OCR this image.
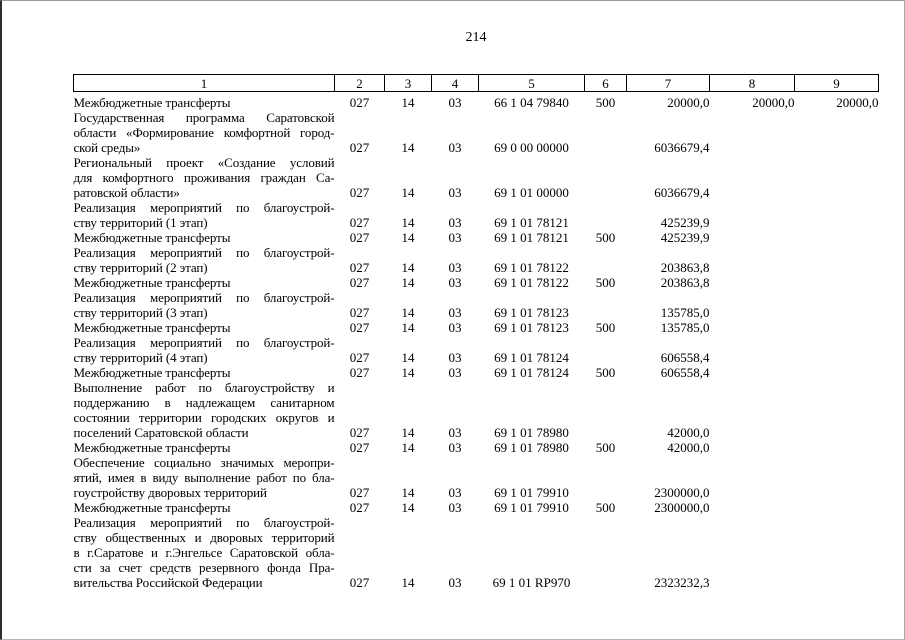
214
1	2	3	4	5	6	7	8	9

Межбюджетные трансферты	027	14	03	66 1 04 79840	500	20000,0	20000,0	20000,0

Государственная программа Саратовской
области «Формирование комфортной город-
ской среды»	027	14	03	69 0 00 00000		6036679,4		

Региональный проект «Создание условий
для комфортного проживания граждан Са-
ратовской области»	027	14	03	69 1 01 00000		6036679,4		

Реализация мероприятий по благоустрой-
ству территорий (1 этап)	027	14	03	69 1 01 78121		425239,9		

Межбюджетные трансферты	027	14	03	69 1 01 78121	500	425239,9		

Реализация мероприятий по благоустрой-
ству территорий (2 этап)	027	14	03	69 1 01 78122		203863,8		

Межбюджетные трансферты	027	14	03	69 1 01 78122	500	203863,8		

Реализация мероприятий по благоустрой-
ству территорий (3 этап)	027	14	03	69 1 01 78123		135785,0		

Межбюджетные трансферты	027	14	03	69 1 01 78123	500	135785,0		

Реализация мероприятий по благоустрой-
ству территорий (4 этап)	027	14	03	69 1 01 78124		606558,4		

Межбюджетные трансферты	027	14	03	69 1 01 78124	500	606558,4		

Выполнение работ по благоустройству и
поддержанию в надлежащем санитарном
состоянии территории городских округов и
поселений Саратовской области	027	14	03	69 1 01 78980		42000,0		

Межбюджетные трансферты	027	14	03	69 1 01 78980	500	42000,0		

Обеспечение социально значимых меропри-
ятий, имея в виду выполнение работ по бла-
гоустройству дворовых территорий	027	14	03	69 1 01 79910		2300000,0		

Межбюджетные трансферты	027	14	03	69 1 01 79910	500	2300000,0		

Реализация мероприятий по благоустрой-
ству общественных и дворовых территорий
в г.Саратове и г.Энгельсе Саратовской обла-
сти за счет средств резервного фонда Пра-
вительства Российской Федерации	027	14	03	69 1 01 RP970		2323232,3		
